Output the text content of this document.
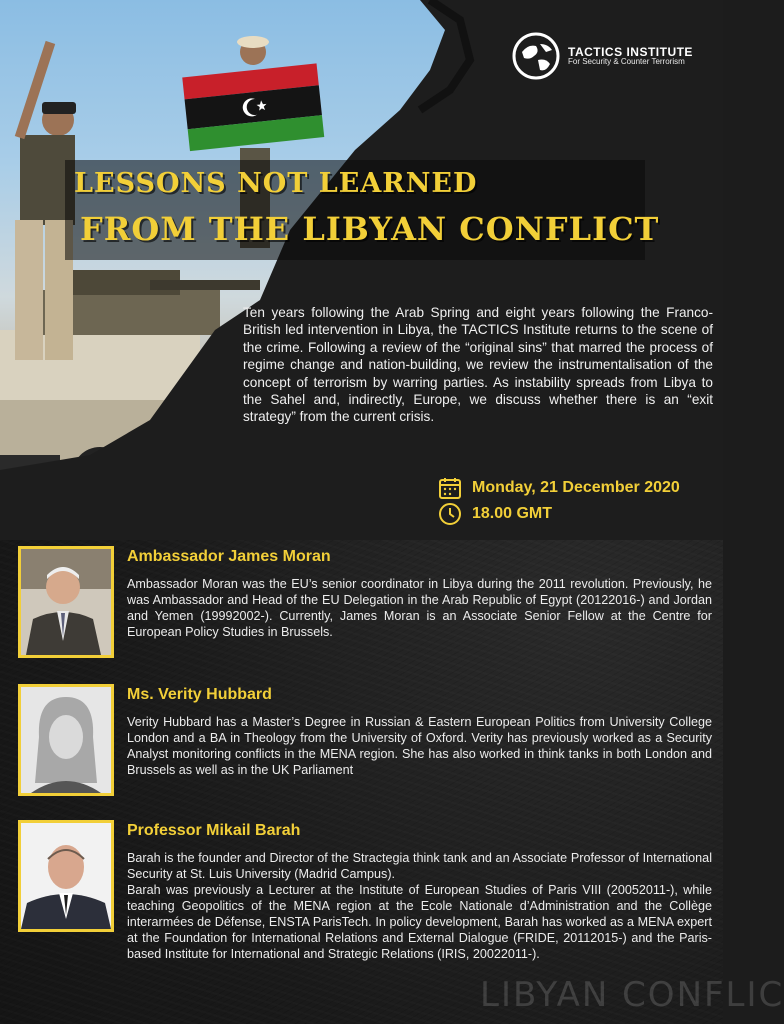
TACTICS INSTITUTE
For Security & Counter Terrorism
LESSONS NOT LEARNED
FROM THE LIBYAN CONFLICT

Ten years following the Arab Spring and eight years following the Franco-British led intervention in Libya, the TACTICS Institute returns to the scene of the crime. Following a review of the “original sins” that marred the process of regime change and nation-building, we review the instrumentalisation of the concept of terrorism by warring parties. As instability spreads from Libya to the Sahel and, indirectly, Europe, we discuss whether there is an “exit strategy” from the current crisis.

Monday, 21 December 2020
18.00 GMT
Ambassador James Moran

Ambassador Moran was the EU’s senior coordinator in Libya during the 2011 revolution. Previously, he was Ambassador and Head of the EU Delegation in the Arab Republic of Egypt (20122016-) and Jordan and Yemen (19992002-). Currently, James Moran is an Associate Senior Fellow at the Centre for European Policy Studies in Brussels.

Ms. Verity Hubbard

Verity Hubbard has a Master’s Degree in Russian & Eastern European Politics from University College London and a BA in Theology from the University of Oxford. Verity has previously worked as a Security Analyst monitoring conflicts in the MENA region. She has also worked in think tanks in both London and Brussels as well as in the UK Parliament

Professor Mikail Barah

Barah is the founder and Director of the Stractegia think tank and an Associate Professor of International Security at St. Luis University (Madrid Campus).

Barah was previously a Lecturer at the Institute of European Studies of Paris VIII (20052011-), while teaching Geopolitics of the MENA region at the Ecole Nationale d’Administration and the Collège interarmées de Défense, ENSTA ParisTech. In policy development, Barah has worked as a MENA expert at the Foundation for International Relations and External Dialogue (FRIDE, 20112015-) and the Paris-based Institute for International and Strategic Relations (IRIS, 20022011-).

LIBYAN CONFLIC
